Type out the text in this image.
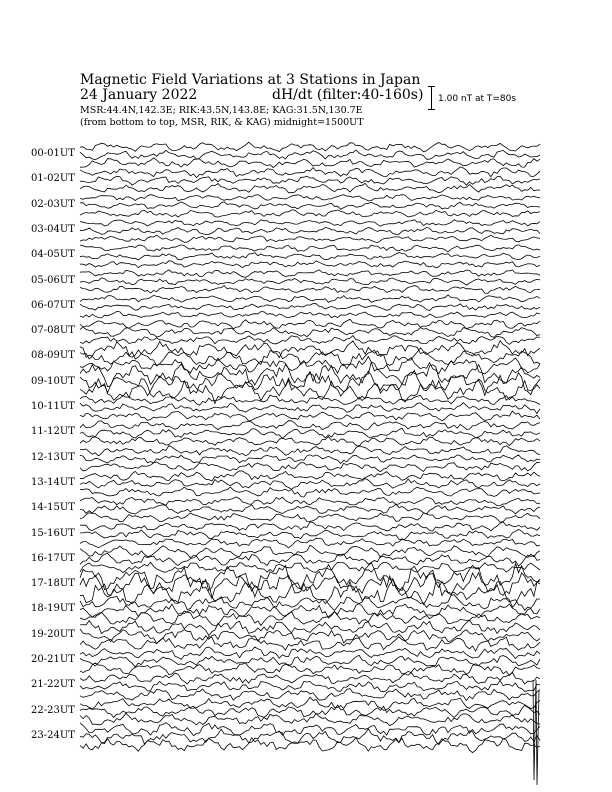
Magnetic Field Variations at 3 Stations in Japan
24 January 2022	dH/dt (filter:40-160s)
MSR:44.4N,142.3E; RIK:43.5N,143.8E; KAG:31.5N,130.7E
(from bottom to top, MSR, RIK, & KAG) midnight=1500UT
1.00 nT at T=80s
00-01UT
01-02UT
02-03UT
03-04UT
04-05UT
05-06UT
06-07UT
07-08UT
08-09UT
09-10UT
10-11UT
11-12UT
12-13UT
13-14UT
14-15UT
15-16UT
16-17UT
17-18UT
18-19UT
19-20UT
20-21UT
21-22UT
22-23UT
23-24UT
